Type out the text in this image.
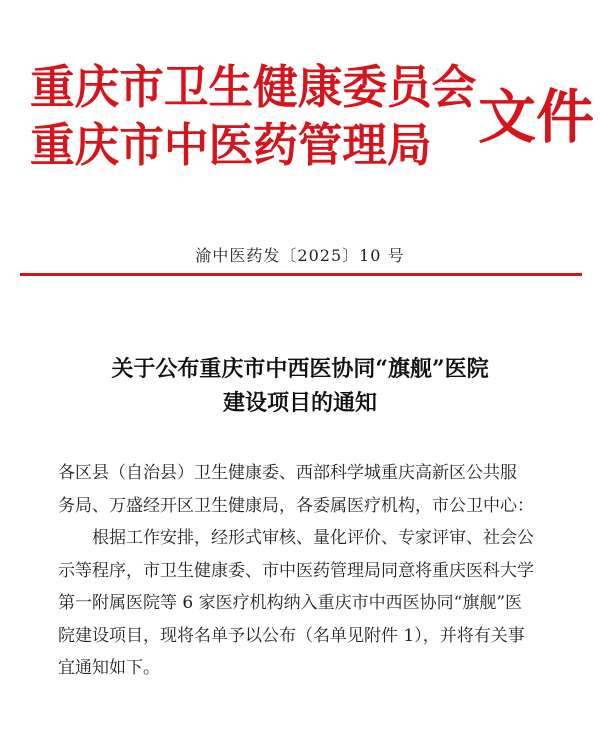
重庆市卫生健康委员会
重庆市中医药管理局 文件
渝中医药发〔2025〕10 号
关于公布重庆市中西医协同“旗舰”医院
建设项目的通知
各区县（自治县）卫生健康委、西部科学城重庆高新区公共服
务局、万盛经开区卫生健康局，各委属医疗机构，市公卫中心：
根据工作安排，经形式审核、量化评价、专家评审、社会公
示等程序，市卫生健康委、市中医药管理局同意将重庆医科大学
第一附属医院等 6 家医疗机构纳入重庆市中西医协同“旗舰”医
院建设项目，现将名单予以公布（名单见附件 1），并将有关事
宜通知如下。
